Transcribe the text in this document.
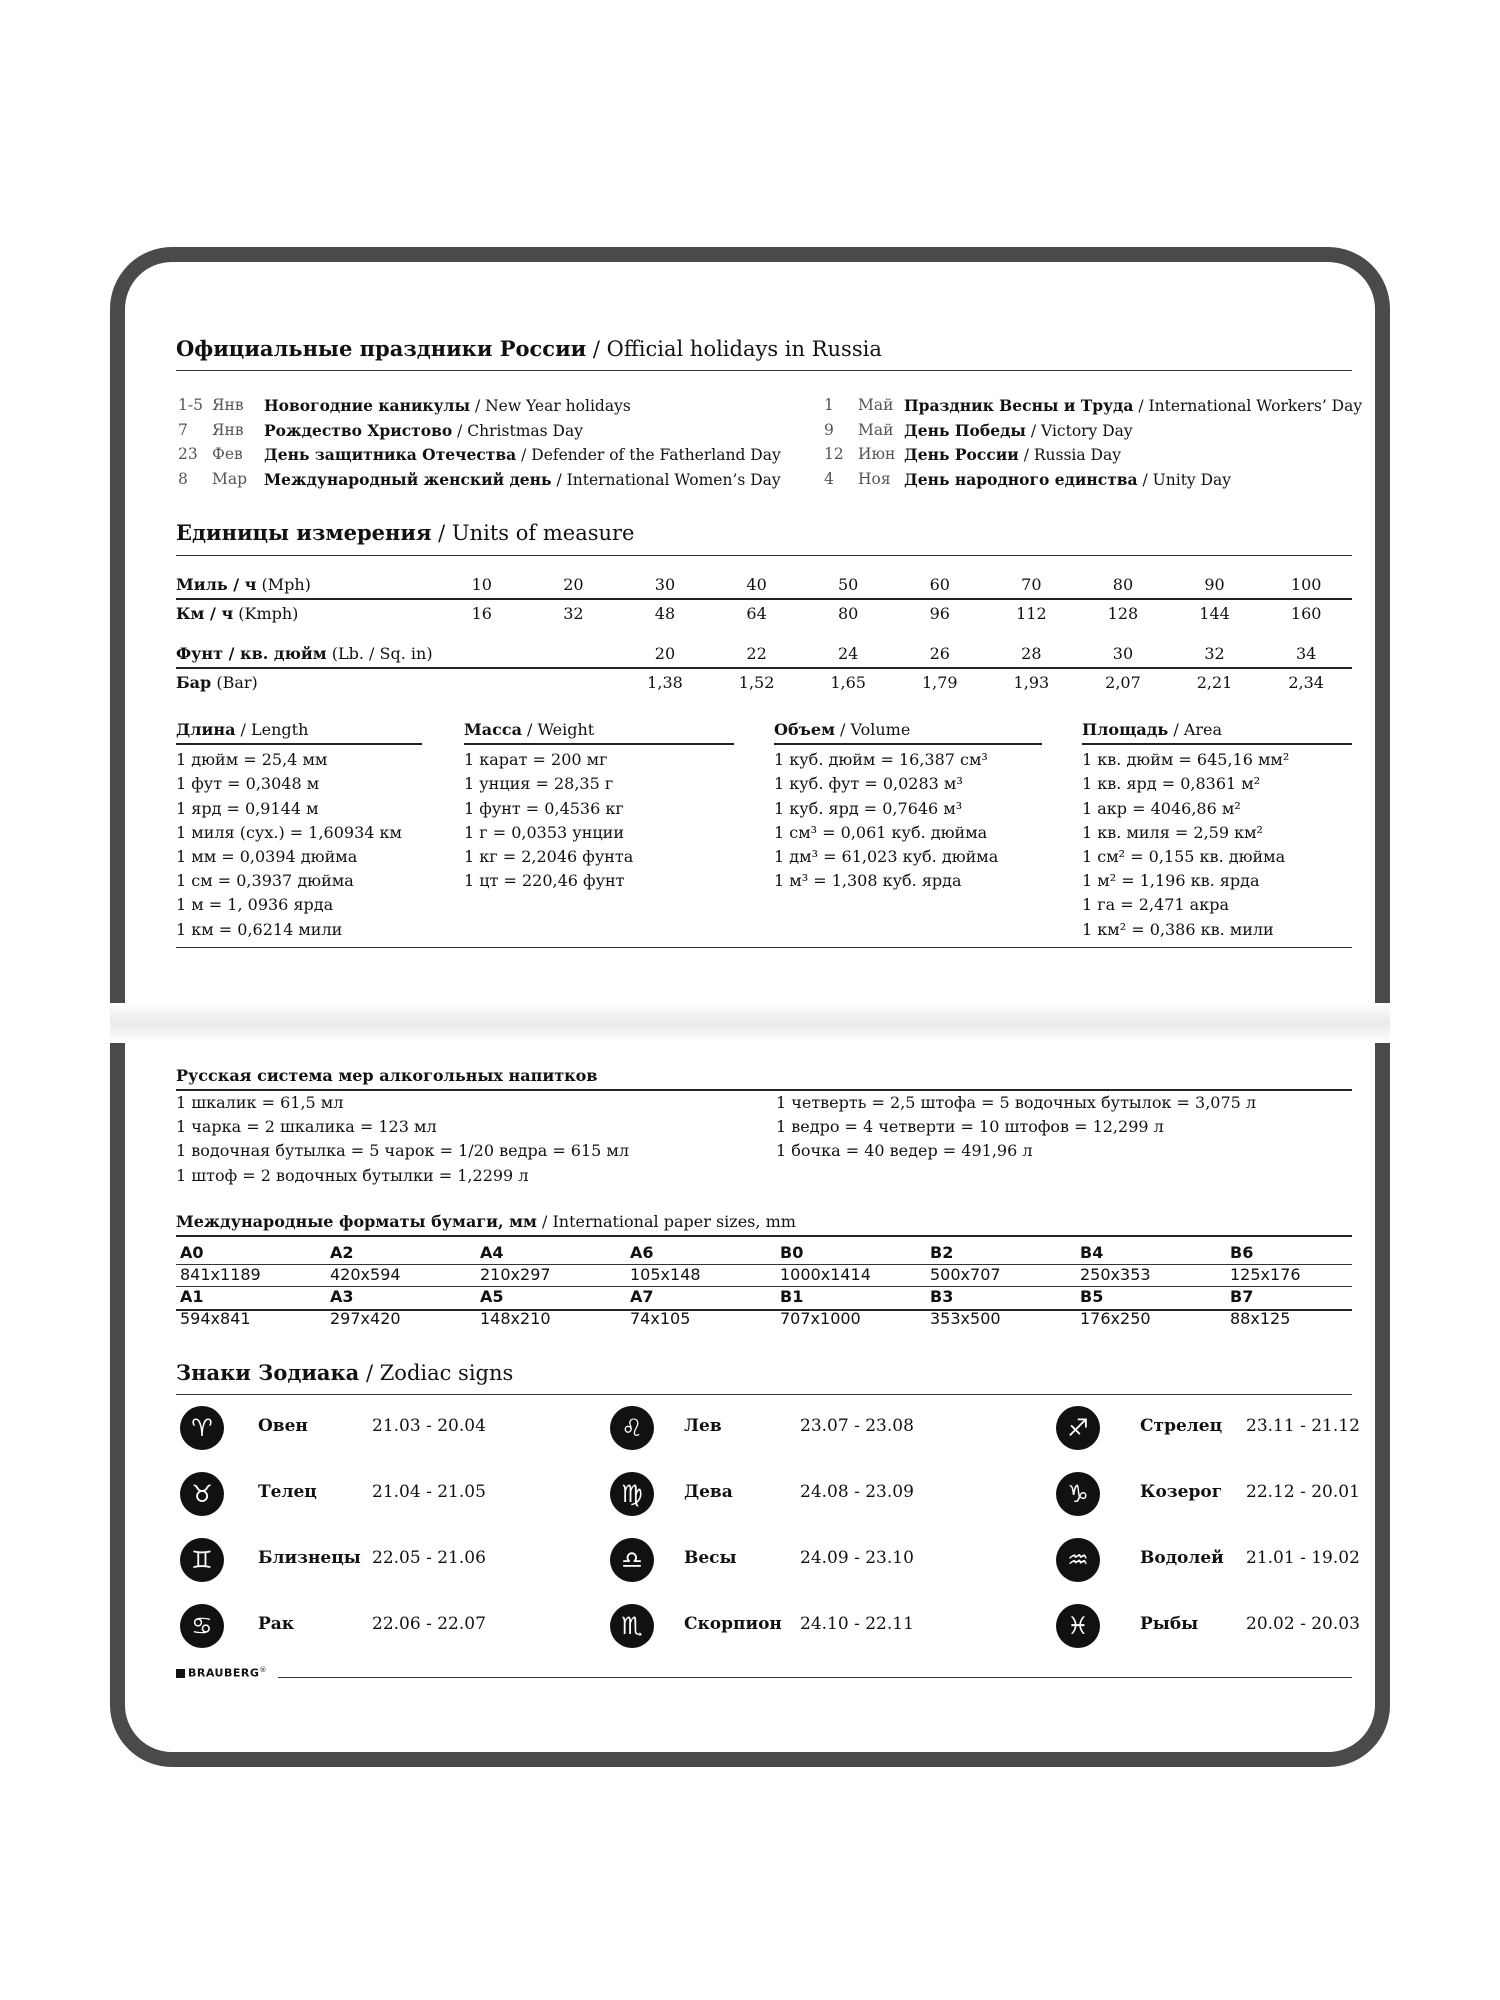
Официальные праздники России / Official holidays in Russia
1-5 Янв Новогодние каникулы / New Year holidays
7 Янв Рождество Христово / Christmas Day
23 Фев День защитника Отечества / Defender of the Fatherland Day
8 Мар Международный женский день / International Women’s Day
1 Май Праздник Весны и Труда / International Workers’ Day
9 Май День Победы / Victory Day
12 Июн День России / Russia Day
4 Ноя День народного единства / Unity Day
Единицы измерения / Units of measure
Миль / ч (Mph)	10	20	30	40	50	60	70	80	90	100
Км / ч (Kmph)	16	32	48	64	80	96	112	128	144	160
Фунт / кв. дюйм (Lb. / Sq. in)			20	22	24	26	28	30	32	34
Бар (Bar)			1,38	1,52	1,65	1,79	1,93	2,07	2,21	2,34
Длина / Length
1 дюйм = 25,4 мм
1 фут = 0,3048 м
1 ярд = 0,9144 м
1 миля (сух.) = 1,60934 км
1 мм = 0,0394 дюйма
1 см = 0,3937 дюйма
1 м = 1, 0936 ярда
1 км = 0,6214 мили
Масса / Weight
1 карат = 200 мг
1 унция = 28,35 г
1 фунт = 0,4536 кг
1 г = 0,0353 унции
1 кг = 2,2046 фунта
1 цт = 220,46 фунт
Объем / Volume
1 куб. дюйм = 16,387 см³
1 куб. фут = 0,0283 м³
1 куб. ярд = 0,7646 м³
1 см³ = 0,061 куб. дюйма
1 дм³ = 61,023 куб. дюйма
1 м³ = 1,308 куб. ярда
Площадь / Area
1 кв. дюйм = 645,16 мм²
1 кв. ярд = 0,8361 м²
1 акр = 4046,86 м²
1 кв. миля = 2,59 км²
1 см² = 0,155 кв. дюйма
1 м² = 1,196 кв. ярда
1 га = 2,471 акра
1 км² = 0,386 кв. мили
Русская система мер алкогольных напитков
1 шкалик = 61,5 мл
1 чарка = 2 шкалика = 123 мл
1 водочная бутылка = 5 чарок = 1/20 ведра = 615 мл
1 штоф = 2 водочных бутылки = 1,2299 л
1 четверть = 2,5 штофа = 5 водочных бутылок = 3,075 л
1 ведро = 4 четверти = 10 штофов = 12,299 л
1 бочка = 40 ведер = 491,96 л
Международные форматы бумаги, мм / International paper sizes, mm
A0	A2	A4	A6	B0	B2	B4	B6
841x1189	420x594	210x297	105x148	1000x1414	500x707	250x353	125x176
A1	A3	A5	A7	B1	B3	B5	B7
594x841	297x420	148x210	74x105	707x1000	353x500	176x250	88x125
Знаки Зодиака / Zodiac signs
♈	Овен	21.03 - 20.04
♉	Телец	21.04 - 21.05
♊	Близнецы 22.05 - 21.06
♋	Рак	22.06 - 22.07
♌ Лев	23.07 - 23.08
♍ Дева	24.08 - 23.09
♎ Весы	24.09 - 23.10
♏ Скорпион 24.10 - 22.11
♐	Стрелец 23.11 - 21.12
♑	Козерог 22.12 - 20.01
♒	Водолей 21.01 - 19.02
♓	Рыбы	20.02 - 20.03
BRAUBERG®
